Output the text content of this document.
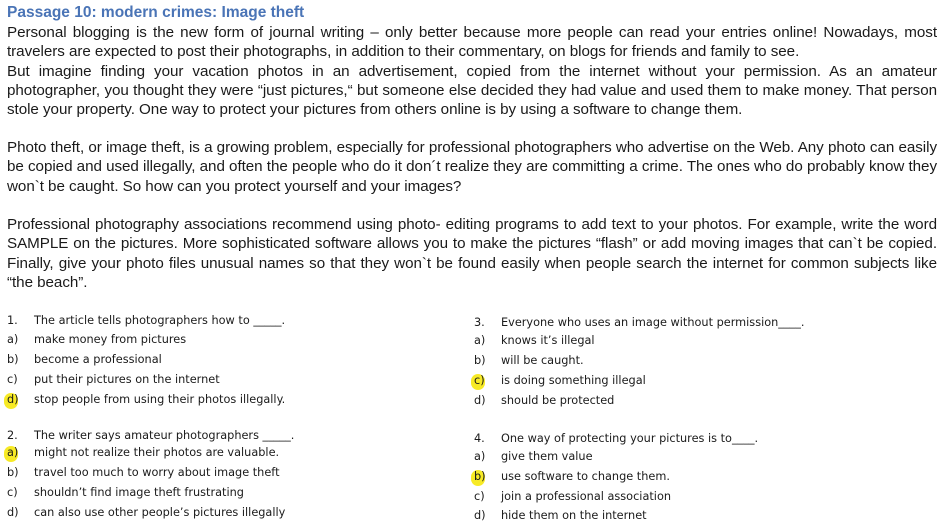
Passage 10: modern crimes: Image theft
Personal blogging is the new form of journal writing – only better because more people can read your entries online! Nowadays, most travelers are expected to post their photographs, in addition to their commentary, on blogs for friends and family to see.
But imagine finding your vacation photos in an advertisement, copied from the internet without your permission. As an amateur photographer, you thought they were “just pictures,“ but someone else decided they had value and used them to make money. That person stole your property. One way to protect your pictures from others online is by using a software to change them.
Photo theft, or image theft, is a growing problem, especially for professional photographers who advertise on the Web. Any photo can easily be copied and used illegally, and often the people who do it don´t realize they are committing a crime. The ones who do probably know they won`t be caught. So how can you protect yourself and your images?
Professional photography associations recommend using photo- editing programs to add text to your photos. For example, write the word SAMPLE on the pictures. More sophisticated software allows you to make the pictures “flash” or add moving images that can`t be copied. Finally, give your photo files unusual names so that they won`t be found easily when people search the internet for common subjects like “the beach”.
1. The article tells photographers how to _____.
a) make money from pictures
b) become a professional
c) put their pictures on the internet
d) stop people from using their photos illegally.
2. The writer says amateur photographers _____.
a) might not realize their photos are valuable.
b) travel too much to worry about image theft
c) shouldn’t find image theft frustrating
d) can also use other people’s pictures illegally
3. Everyone who uses an image without permission____.
a) knows it’s illegal
b) will be caught.
c) is doing something illegal
d) should be protected
4. One way of protecting your pictures is to____.
a) give them value
b) use software to change them.
c) join a professional association
d) hide them on the internet
